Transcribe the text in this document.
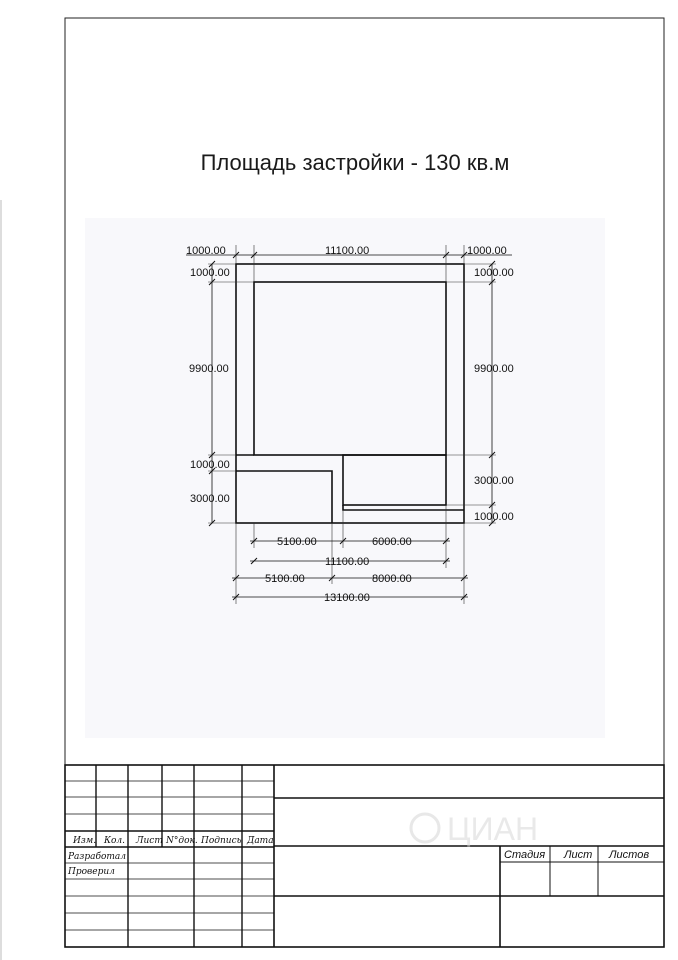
Площадь застройки - 130 кв.м
1000.00	11100.00	1000.00
1000.00	1000.00
9900.00	9900.00
1000.00
3000.00
3000.00
1000.00
5100.00	6000.00
11100.00
5100.00	8000.00
13100.00
Изм. Кол. Лист N°док. Подпись Дата
Разработал
Проверил
Стадия Лист Листов
ЦИАН
